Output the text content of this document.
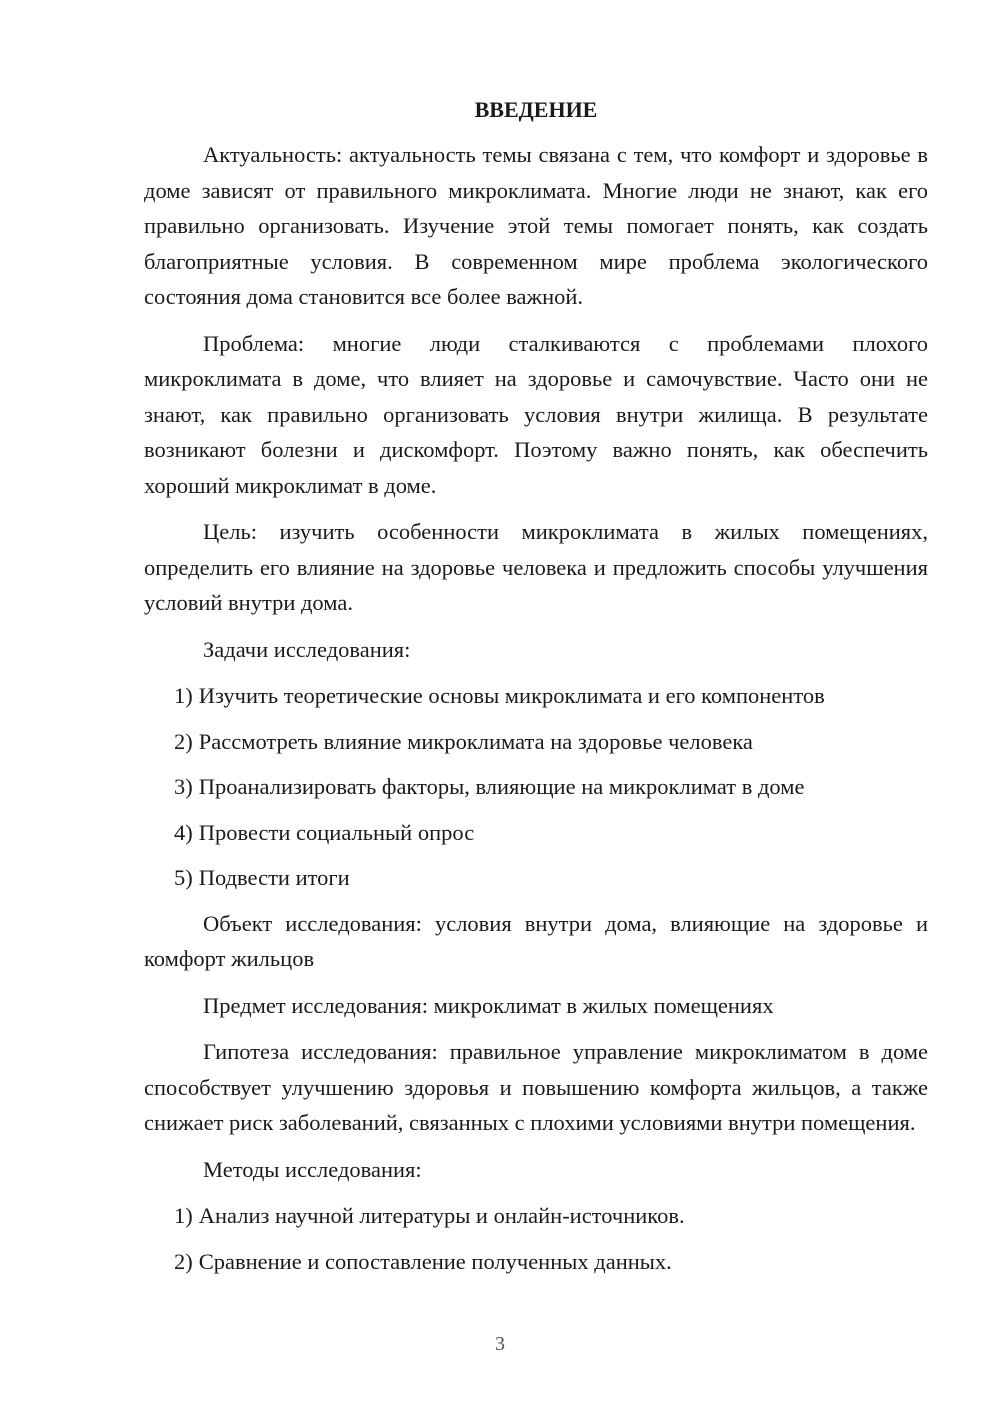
ВВЕДЕНИЕ

Актуальность: актуальность темы связана с тем, что комфорт и здоровье в доме зависят от правильного микроклимата. Многие люди не знают, как его правильно организовать. Изучение этой темы помогает понять, как создать благоприятные условия. В современном мире проблема экологического состояния дома становится все более важной.

Проблема: многие люди сталкиваются с проблемами плохого микроклимата в доме, что влияет на здоровье и самочувствие. Часто они не знают, как правильно организовать условия внутри жилища. В результате возникают болезни и дискомфорт. Поэтому важно понять, как обеспечить хороший микроклимат в доме.

Цель: изучить особенности микроклимата в жилых помещениях, определить его влияние на здоровье человека и предложить способы улучшения условий внутри дома.

Задачи исследования:

1) Изучить теоретические основы микроклимата и его компонентов
2) Рассмотреть влияние микроклимата на здоровье человека
3) Проанализировать факторы, влияющие на микроклимат в доме
4) Провести социальный опрос
5) Подвести итоги

Объект исследования: условия внутри дома, влияющие на здоровье и комфорт жильцов

Предмет исследования: микроклимат в жилых помещениях

Гипотеза исследования: правильное управление микроклиматом в доме способствует улучшению здоровья и повышению комфорта жильцов, а также снижает риск заболеваний, связанных с плохими условиями внутри помещения.

Методы исследования:

1) Анализ научной литературы и онлайн-источников.
2) Сравнение и сопоставление полученных данных.
3
